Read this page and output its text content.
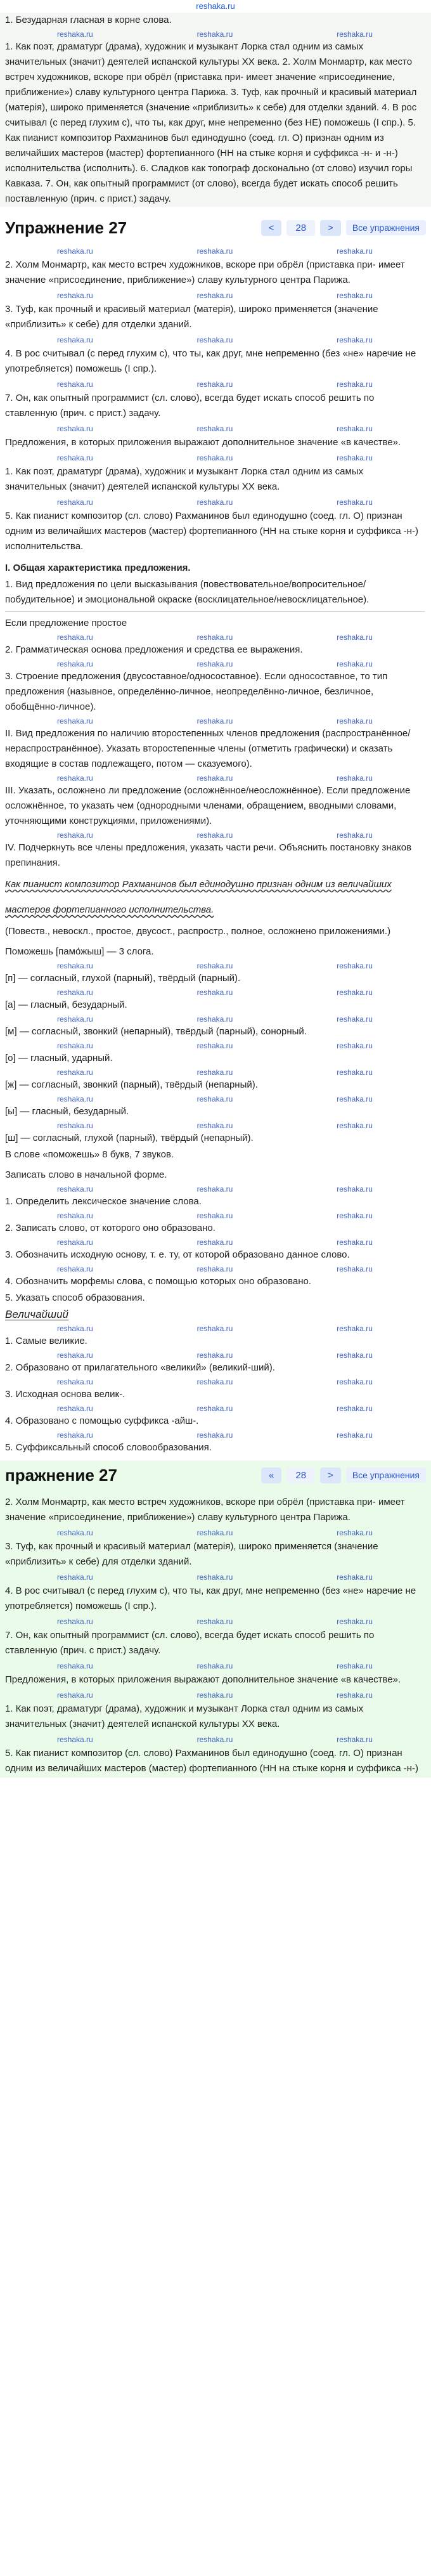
reshaka.ru

1. Безударная гласная в корне слова.

reshaka.ru	reshaka.ru	reshaka.ru

1. Как поэт, драматург (драма), художник и музыкант Лорка стал одним из самых значительных (значит) деятелей испанской культуры XX века. 2. Холм Монмартр, как место встреч художников, вскоре при обрёл (приставка при- имеет значение «присоединение, приближение») славу культурного центра Парижа. 3. Туф, как прочный и красивый материал (матерія), широко применяется (значение «приблизить» к себе) для отделки зданий. 4. В рос считывал (с перед глухим с), что ты, как друг, мне непременно (без НЕ) поможешь (I спр.). 5. Как пианист композитор Рахманинов был единодушно (соед. гл. О) признан одним из величайших мастеров (мастер) фортепианного (НН на стыке корня и суффикса -н- и -н-) исполнительства (исполнить). 6. Сладков как топограф досконально (от слово) изучил горы Кавказа. 7. Он, как опытный программист (от слово), всегда будет искать способ решить поставленную (прич. с прист.) задачу.

Упражнение 27	<	28	>	Все упражнения
reshaka.ru	reshaka.ru	reshaka.ru

2. Холм Монмартр, как место встреч художников, вскоре при обрёл (приставка при- имеет значение «присоединение, приближение») славу культурного центра Парижа.

reshaka.ru	reshaka.ru	reshaka.ru

3. Туф, как прочный и красивый материал (матерія), широко применяется (значение «приблизить» к себе) для отделки зданий.

reshaka.ru	reshaka.ru	reshaka.ru

4. В рос считывал (с перед глухим с), что ты, как друг, мне непременно (без «не» наречие не употребляется) поможешь (I спр.).

reshaka.ru	reshaka.ru	reshaka.ru

7. Он, как опытный программист (сл. слово), всегда будет искать способ решить по ставленную (прич. с прист.) задачу.

reshaka.ru	reshaka.ru	reshaka.ru

Предложения, в которых приложения выражают дополнительное значение «в качестве».

reshaka.ru	reshaka.ru	reshaka.ru

1. Как поэт, драматург (драма), художник и музыкант Лорка стал одним из самых значительных (значит) деятелей испанской культуры XX века.

reshaka.ru	reshaka.ru	reshaka.ru

5. Как пианист композитор (сл. слово) Рахманинов был единодушно (соед. гл. О) признан одним из величайших мастеров (мастер) фортепианного (НН на стыке корня и суффикса -н-) исполнительства.

I. Общая характеристика предложения.

1. Вид предложения по цели высказывания (повествовательное/вопросительное/побудительное) и эмоциональной окраске (восклицательное/невосклицательное).

Если предложение простое

reshaka.ru	reshaka.ru	reshaka.ru

2. Грамматическая основа предложения и средства ее выражения.

reshaka.ru	reshaka.ru	reshaka.ru

3. Строение предложения (двусоставное/односоставное). Если односоставное, то тип предложения (назывное, определённо-личное, неопределённо-личное, безличное, обобщённо-личное).

reshaka.ru	reshaka.ru	reshaka.ru

II. Вид предложения по наличию второстепенных членов предложения (распространённое/нераспространённое). Указать второстепенные члены (отметить графически) и сказать входящие в состав подлежащего, потом — сказуемого).

reshaka.ru	reshaka.ru	reshaka.ru

III. Указать, осложнено ли предложение (осложнённое/неосложнённое). Если предложение осложнённое, то указать чем (однородными членами, обращением, вводными словами, уточняющими конструкциями, приложениями).

reshaka.ru	reshaka.ru	reshaka.ru

IV. Подчеркнуть все члены предложения, указать части речи. Объяснить постановку знаков препинания.

Как пианист композитор Рахманинов был единодушно признан одним из величайших мастеров фортепианного исполнительства.

(Повеств., невоскл., простое, двусост., распростр., полное, осложнено приложениями.)

Поможешь [памо́жыш] — 3 слога.

reshaka.ru	reshaka.ru	reshaka.ru

[п] — согласный, глухой (парный), твёрдый (парный).

reshaka.ru	reshaka.ru	reshaka.ru

[а] — гласный, безударный.

reshaka.ru	reshaka.ru	reshaka.ru

[м] — согласный, звонкий (непарный), твёрдый (парный), сонорный.

reshaka.ru	reshaka.ru	reshaka.ru

[о] — гласный, ударный.

reshaka.ru	reshaka.ru	reshaka.ru

[ж] — согласный, звонкий (парный), твёрдый (непарный).

reshaka.ru	reshaka.ru	reshaka.ru

[ы] — гласный, безударный.

reshaka.ru	reshaka.ru	reshaka.ru

[ш] — согласный, глухой (парный), твёрдый (непарный).

В слове «поможешь» 8 букв, 7 звуков.

Записать слово в начальной форме.

reshaka.ru	reshaka.ru	reshaka.ru

1. Определить лексическое значение слова.

reshaka.ru	reshaka.ru	reshaka.ru

2. Записать слово, от которого оно образовано.

reshaka.ru	reshaka.ru	reshaka.ru

3. Обозначить исходную основу, т. е. ту, от которой образовано данное слово.

reshaka.ru	reshaka.ru	reshaka.ru

4. Обозначить морфемы слова, с помощью которых оно образовано.

5. Указать способ образования.

Величайший

reshaka.ru	reshaka.ru	reshaka.ru

1. Самые великие.

reshaka.ru	reshaka.ru	reshaka.ru

2. Образовано от прилагательного «великий» (великий-ший).

reshaka.ru	reshaka.ru	reshaka.ru

3. Исходная основа велик-.

reshaka.ru	reshaka.ru	reshaka.ru

4. Образовано с помощью суффикса -айш-.

reshaka.ru	reshaka.ru	reshaka.ru

5. Суффиксальный способ словообразования.

пражнение 27	«	28	>	Все упражнения

2. Холм Монмартр, как место встреч художников, вскоре при обрёл (приставка при- имеет значение «присоединение, приближение») славу культурного центра Парижа.

reshaka.ru	reshaka.ru	reshaka.ru

3. Туф, как прочный и красивый материал (матерія), широко применяется (значение «приблизить» к себе) для отделки зданий.

reshaka.ru	reshaka.ru	reshaka.ru

4. В рос считывал (с перед глухим с), что ты, как друг, мне непременно (без «не» наречие не употребляется) поможешь (I спр.).

reshaka.ru	reshaka.ru	reshaka.ru

7. Он, как опытный программист (сл. слово), всегда будет искать способ решить по ставленную (прич. с прист.) задачу.

reshaka.ru	reshaka.ru	reshaka.ru

Предложения, в которых приложения выражают дополнительное значение «в качестве».

reshaka.ru	reshaka.ru	reshaka.ru

1. Как поэт, драматург (драма), художник и музыкант Лорка стал одним из самых значительных (значит) деятелей испанской культуры XX века.

reshaka.ru	reshaka.ru	reshaka.ru

5. Как пианист композитор (сл. слово) Рахманинов был единодушно (соед. гл. О) признан одним из величайших мастеров (мастер) фортепианного (НН на стыке корня и суффикса -н-)
